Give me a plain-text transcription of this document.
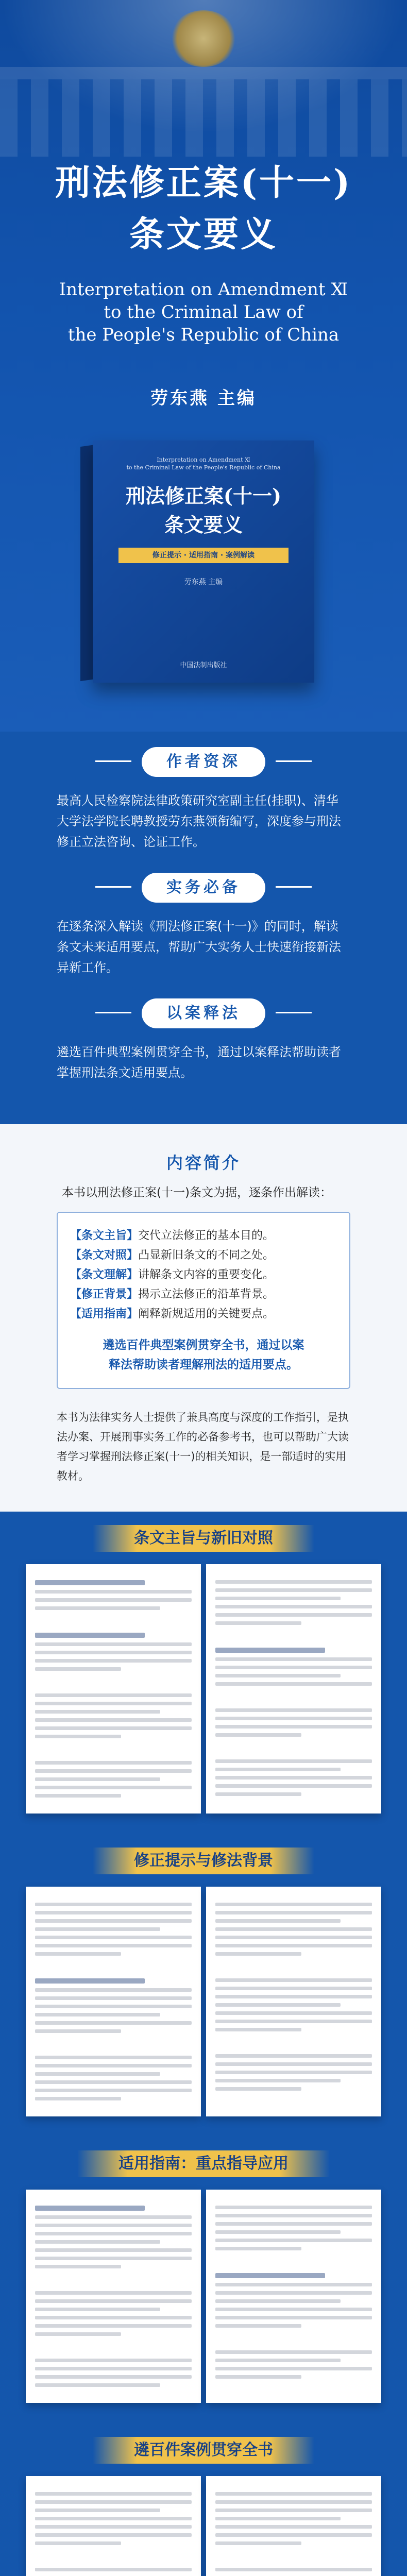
刑法修正案(十一)
条文要义
Interpretation on Amendment Ⅺ
to the Criminal Law of
the People's Republic of China
劳东燕 主编
Interpretation on Amendment Ⅺ
to the Criminal Law of the People's Republic of China
刑法修正案(十一)
条文要义
修正提示 · 适用指南 · 案例解读
劳东燕 主编
中国法制出版社
作者资深

最高人民检察院法律政策研究室副主任(挂职)、清华大学法学院长聘教授劳东燕领衔编写，深度参与刑法修正立法咨询、论证工作。

实务必备

在逐条深入解读《刑法修正案(十一)》的同时，解读条文未来适用要点，帮助广大实务人士快速衔接新法异新工作。

以案释法

遴选百件典型案例贯穿全书，通过以案释法帮助读者掌握刑法条文适用要点。

内容简介

本书以刑法修正案(十一)条文为据，逐条作出解读：

【条文主旨】交代立法修正的基本目的。
【条文对照】凸显新旧条文的不同之处。
【条文理解】讲解条文内容的重要变化。
【修正背景】揭示立法修正的沿革背景。
【适用指南】阐释新规适用的关键要点。
遴选百件典型案例贯穿全书，通过以案
释法帮助读者理解刑法的适用要点。

本书为法律实务人士提供了兼具高度与深度的工作指引，是执法办案、开展刑事实务工作的必备参考书，也可以帮助广大读者学习掌握刑法修正案(十一)的相关知识，是一部适时的实用教材。

条文主旨与新旧对照
修正提示与修法背景
适用指南：重点指导应用
遴百件案例贯穿全书
